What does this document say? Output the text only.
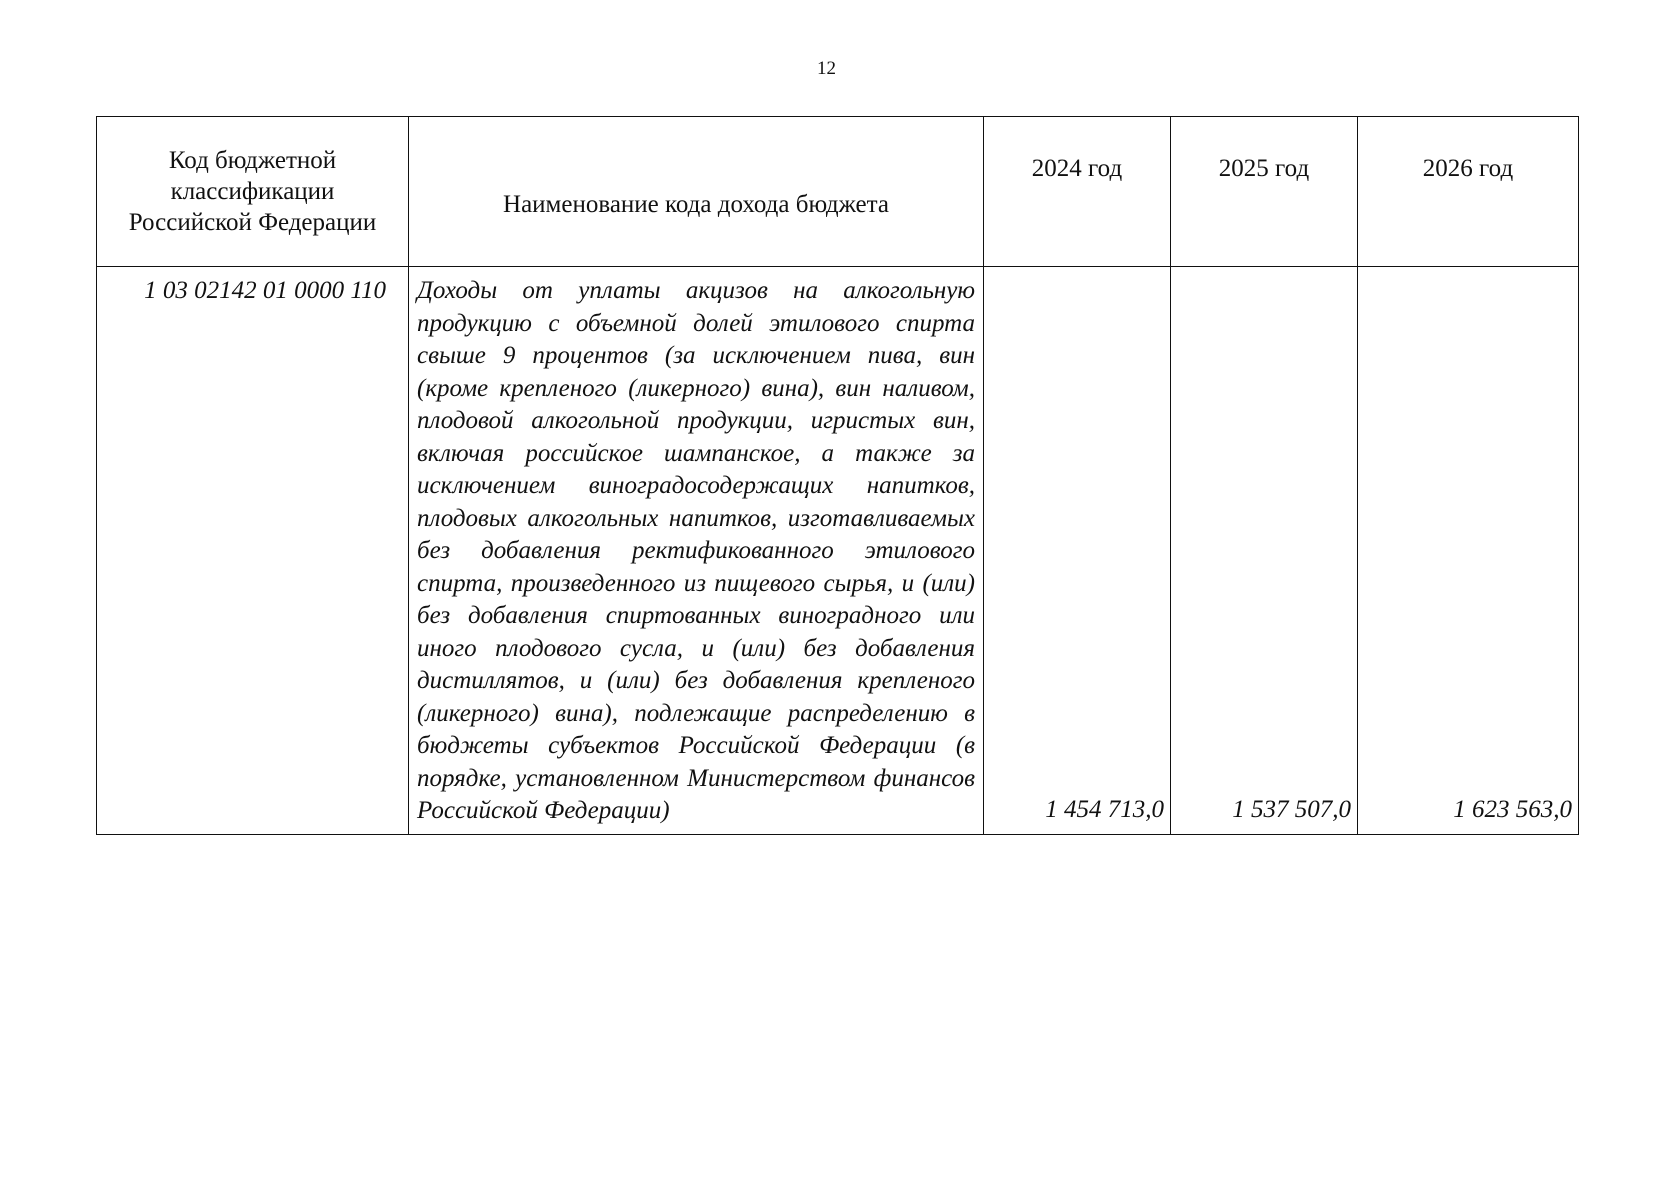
12
Код бюджетной классификации Российской Федерации	Наименование кода дохода бюджета	2024 год	2025 год	2026 год
1 03 02142 01 0000 110	Доходы от уплаты акцизов на алкогольную продукцию с объемной долей этилового спирта свыше 9 процентов (за исключением пива, вин (кроме крепленого (ликерного) вина), вин наливом, плодовой алкогольной продукции, игристых вин, включая российское шампанское, а также за исключением виноградосодержащих напитков, плодовых алкогольных напитков, изготавливаемых без добавления ректификованного этилового спирта, произведенного из пищевого сырья, и (или) без добавления спиртованных виноградного или иного плодового сусла, и (или) без добавления дистиллятов, и (или) без добавления крепленого (ликерного) вина), подлежащие распределению в бюджеты субъектов Российской Федерации (в порядке, установленном Министерством финансов Российской Федерации)	1 454 713,0	1 537 507,0	1 623 563,0
